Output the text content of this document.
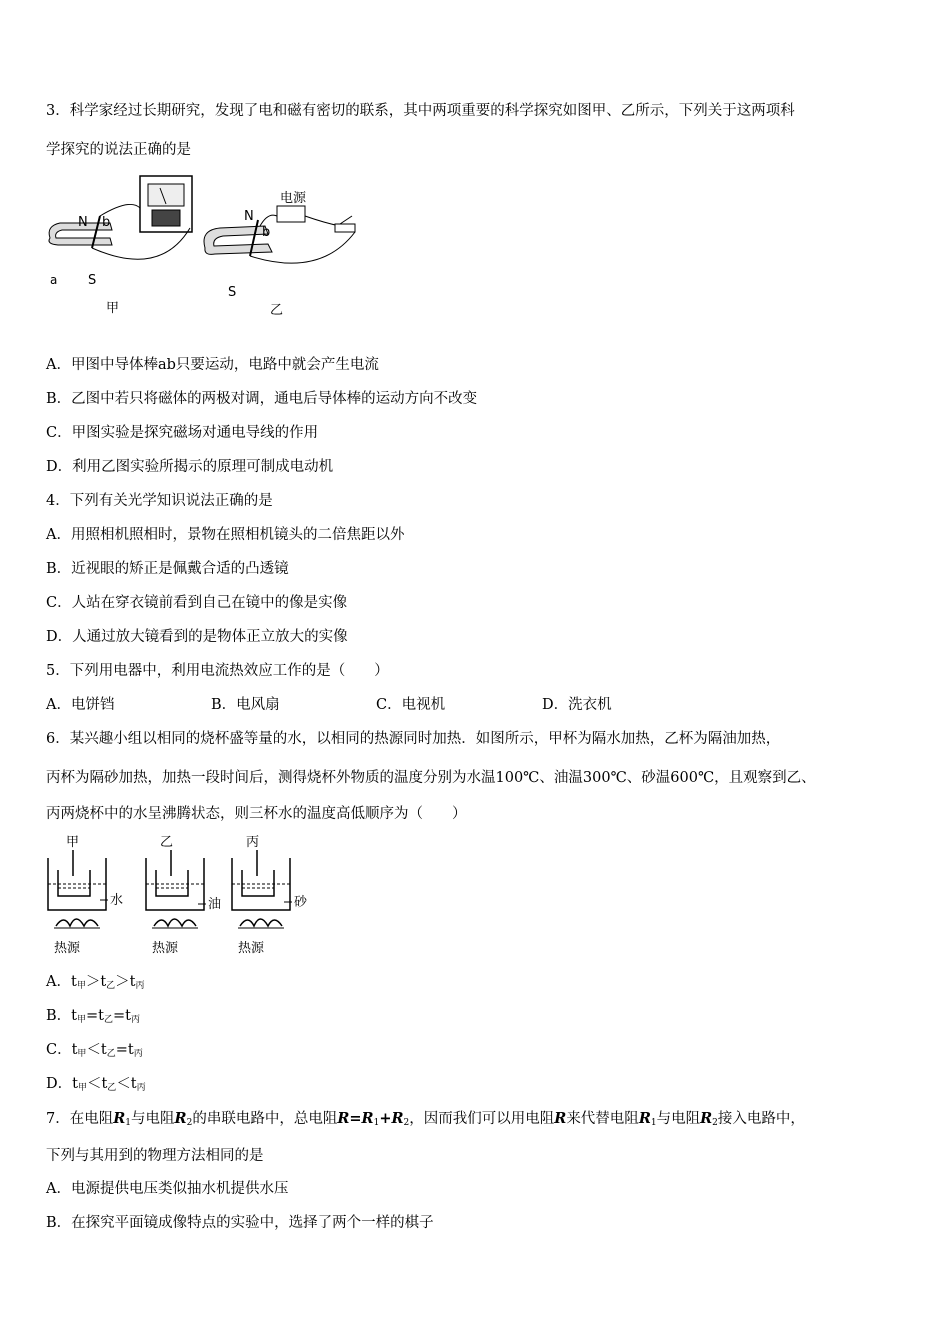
3．科学家经过长期研究，发现了电和磁有密切的联系，其中两项重要的科学探究如图甲、乙所示，下列关于这两项科
学探究的说法正确的是
N b
a S
甲
电源
N
b
S
乙
A．甲图中导体棒ab只要运动，电路中就会产生电流
B．乙图中若只将磁体的两极对调，通电后导体棒的运动方向不改变
C．甲图实验是探究磁场对通电导线的作用
D．利用乙图实验所揭示的原理可制成电动机
4．下列有关光学知识说法正确的是
A．用照相机照相时，景物在照相机镜头的二倍焦距以外
B．近视眼的矫正是佩戴合适的凸透镜
C．人站在穿衣镜前看到自己在镜中的像是实像
D．人通过放大镜看到的是物体正立放大的实像
5．下列用电器中，利用电流热效应工作的是（　　）
A．电饼铛	B．电风扇	C．电视机	D．洗衣机
6．某兴趣小组以相同的烧杯盛等量的水，以相同的热源同时加热．如图所示，甲杯为隔水加热，乙杯为隔油加热，
丙杯为隔砂加热，加热一段时间后，测得烧杯外物质的温度分别为水温100℃、油温300℃、砂温600℃，且观察到乙、
丙两烧杯中的水呈沸腾状态，则三杯水的温度高低顺序为（　　）
甲
水
热源
乙
油
热源
丙
砂
热源
A．$t_甲>t_乙>t_丙$
B．$t_甲=t_乙=t_丙$
C．$t_甲<t_乙=t_丙$
D．$t_甲<t_乙<t_丙$
7．在电阻$R_1$与电阻$R_2$的串联电路中，总电阻$R=R_1+R_2$，因而我们可以用电阻R来代替电阻$R_1$与电阻$R_2$接入电路中，
下列与其用到的物理方法相同的是
A．电源提供电压类似抽水机提供水压
B．在探究平面镜成像特点的实验中，选择了两个一样的棋子
